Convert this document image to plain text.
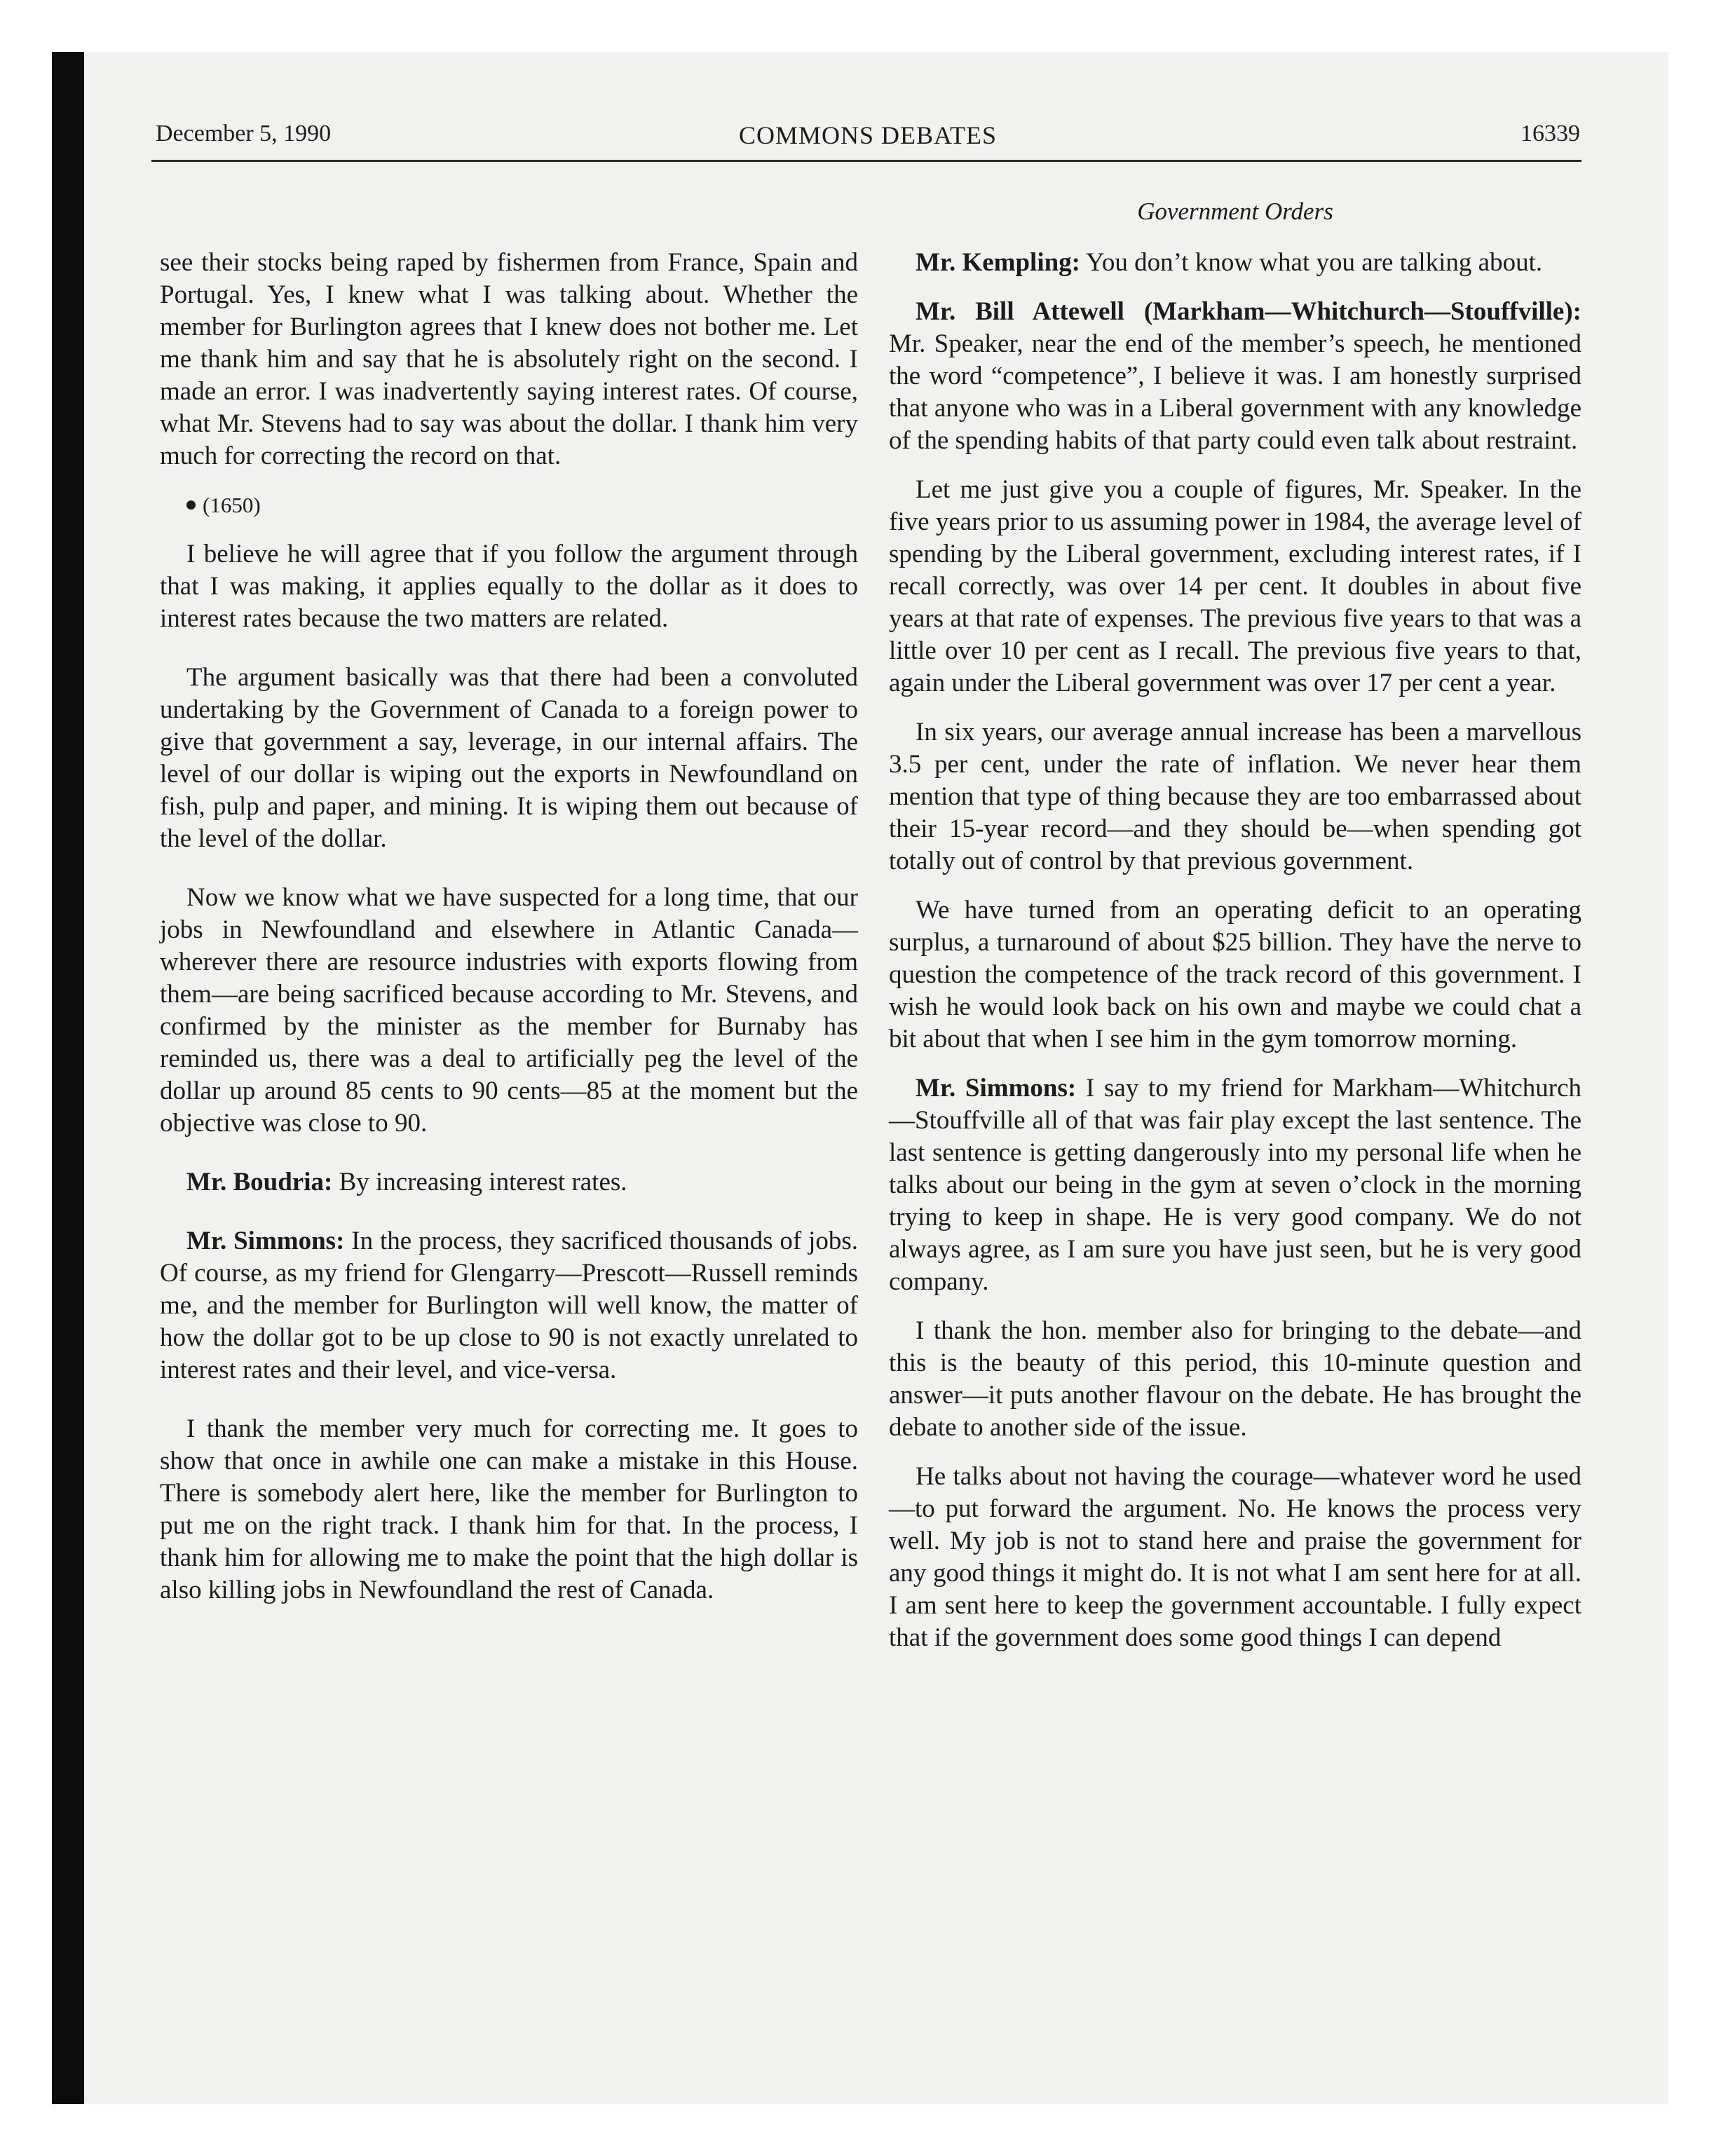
December 5, 1990	COMMONS DEBATES	16339
Government Orders

see their stocks being raped by fishermen from France, Spain and Portugal. Yes, I knew what I was talking about. Whether the member for Burlington agrees that I knew does not bother me. Let me thank him and say that he is absolutely right on the second. I made an error. I was inadvertently saying interest rates. Of course, what Mr. Stevens had to say was about the dollar. I thank him very much for correcting the record on that.

(1650)

I believe he will agree that if you follow the argument through that I was making, it applies equally to the dollar as it does to interest rates because the two matters are related.

The argument basically was that there had been a convoluted undertaking by the Government of Canada to a foreign power to give that government a say, leverage, in our internal affairs. The level of our dollar is wiping out the exports in Newfoundland on fish, pulp and paper, and mining. It is wiping them out because of the level of the dollar.

Now we know what we have suspected for a long time, that our jobs in Newfoundland and elsewhere in Atlantic Canada—wherever there are resource industries with exports flowing from them—are being sacrificed because according to Mr. Stevens, and confirmed by the minister as the member for Burnaby has reminded us, there was a deal to artificially peg the level of the dollar up around 85 cents to 90 cents—85 at the moment but the objective was close to 90.

Mr. Boudria: By increasing interest rates.

Mr. Simmons: In the process, they sacrificed thousands of jobs. Of course, as my friend for Glengarry—Prescott—Russell reminds me, and the member for Burlington will well know, the matter of how the dollar got to be up close to 90 is not exactly unrelated to interest rates and their level, and vice-versa.

I thank the member very much for correcting me. It goes to show that once in awhile one can make a mistake in this House. There is somebody alert here, like the member for Burlington to put me on the right track. I thank him for that. In the process, I thank him for allowing me to make the point that the high dollar is also killing jobs in Newfoundland the rest of Canada.

Mr. Kempling: You don’t know what you are talking about.

Mr. Bill Attewell (Markham—Whitchurch—Stouffville): Mr. Speaker, near the end of the member’s speech, he mentioned the word “competence”, I believe it was. I am honestly surprised that anyone who was in a Liberal government with any knowledge of the spending habits of that party could even talk about restraint.

Let me just give you a couple of figures, Mr. Speaker. In the five years prior to us assuming power in 1984, the average level of spending by the Liberal government, excluding interest rates, if I recall correctly, was over 14 per cent. It doubles in about five years at that rate of expenses. The previous five years to that was a little over 10 per cent as I recall. The previous five years to that, again under the Liberal government was over 17 per cent a year.

In six years, our average annual increase has been a marvellous 3.5 per cent, under the rate of inflation. We never hear them mention that type of thing because they are too embarrassed about their 15-year record—and they should be—when spending got totally out of control by that previous government.

We have turned from an operating deficit to an operating surplus, a turnaround of about $25 billion. They have the nerve to question the competence of the track record of this government. I wish he would look back on his own and maybe we could chat a bit about that when I see him in the gym tomorrow morning.

Mr. Simmons: I say to my friend for Markham—Whitchurch—Stouffville all of that was fair play except the last sentence. The last sentence is getting dangerously into my personal life when he talks about our being in the gym at seven o’clock in the morning trying to keep in shape. He is very good company. We do not always agree, as I am sure you have just seen, but he is very good company.

I thank the hon. member also for bringing to the debate—and this is the beauty of this period, this 10-minute question and answer—it puts another flavour on the debate. He has brought the debate to another side of the issue.

He talks about not having the courage—whatever word he used—to put forward the argument. No. He knows the process very well. My job is not to stand here and praise the government for any good things it might do. It is not what I am sent here for at all. I am sent here to keep the government accountable. I fully expect that if the government does some good things I can depend
